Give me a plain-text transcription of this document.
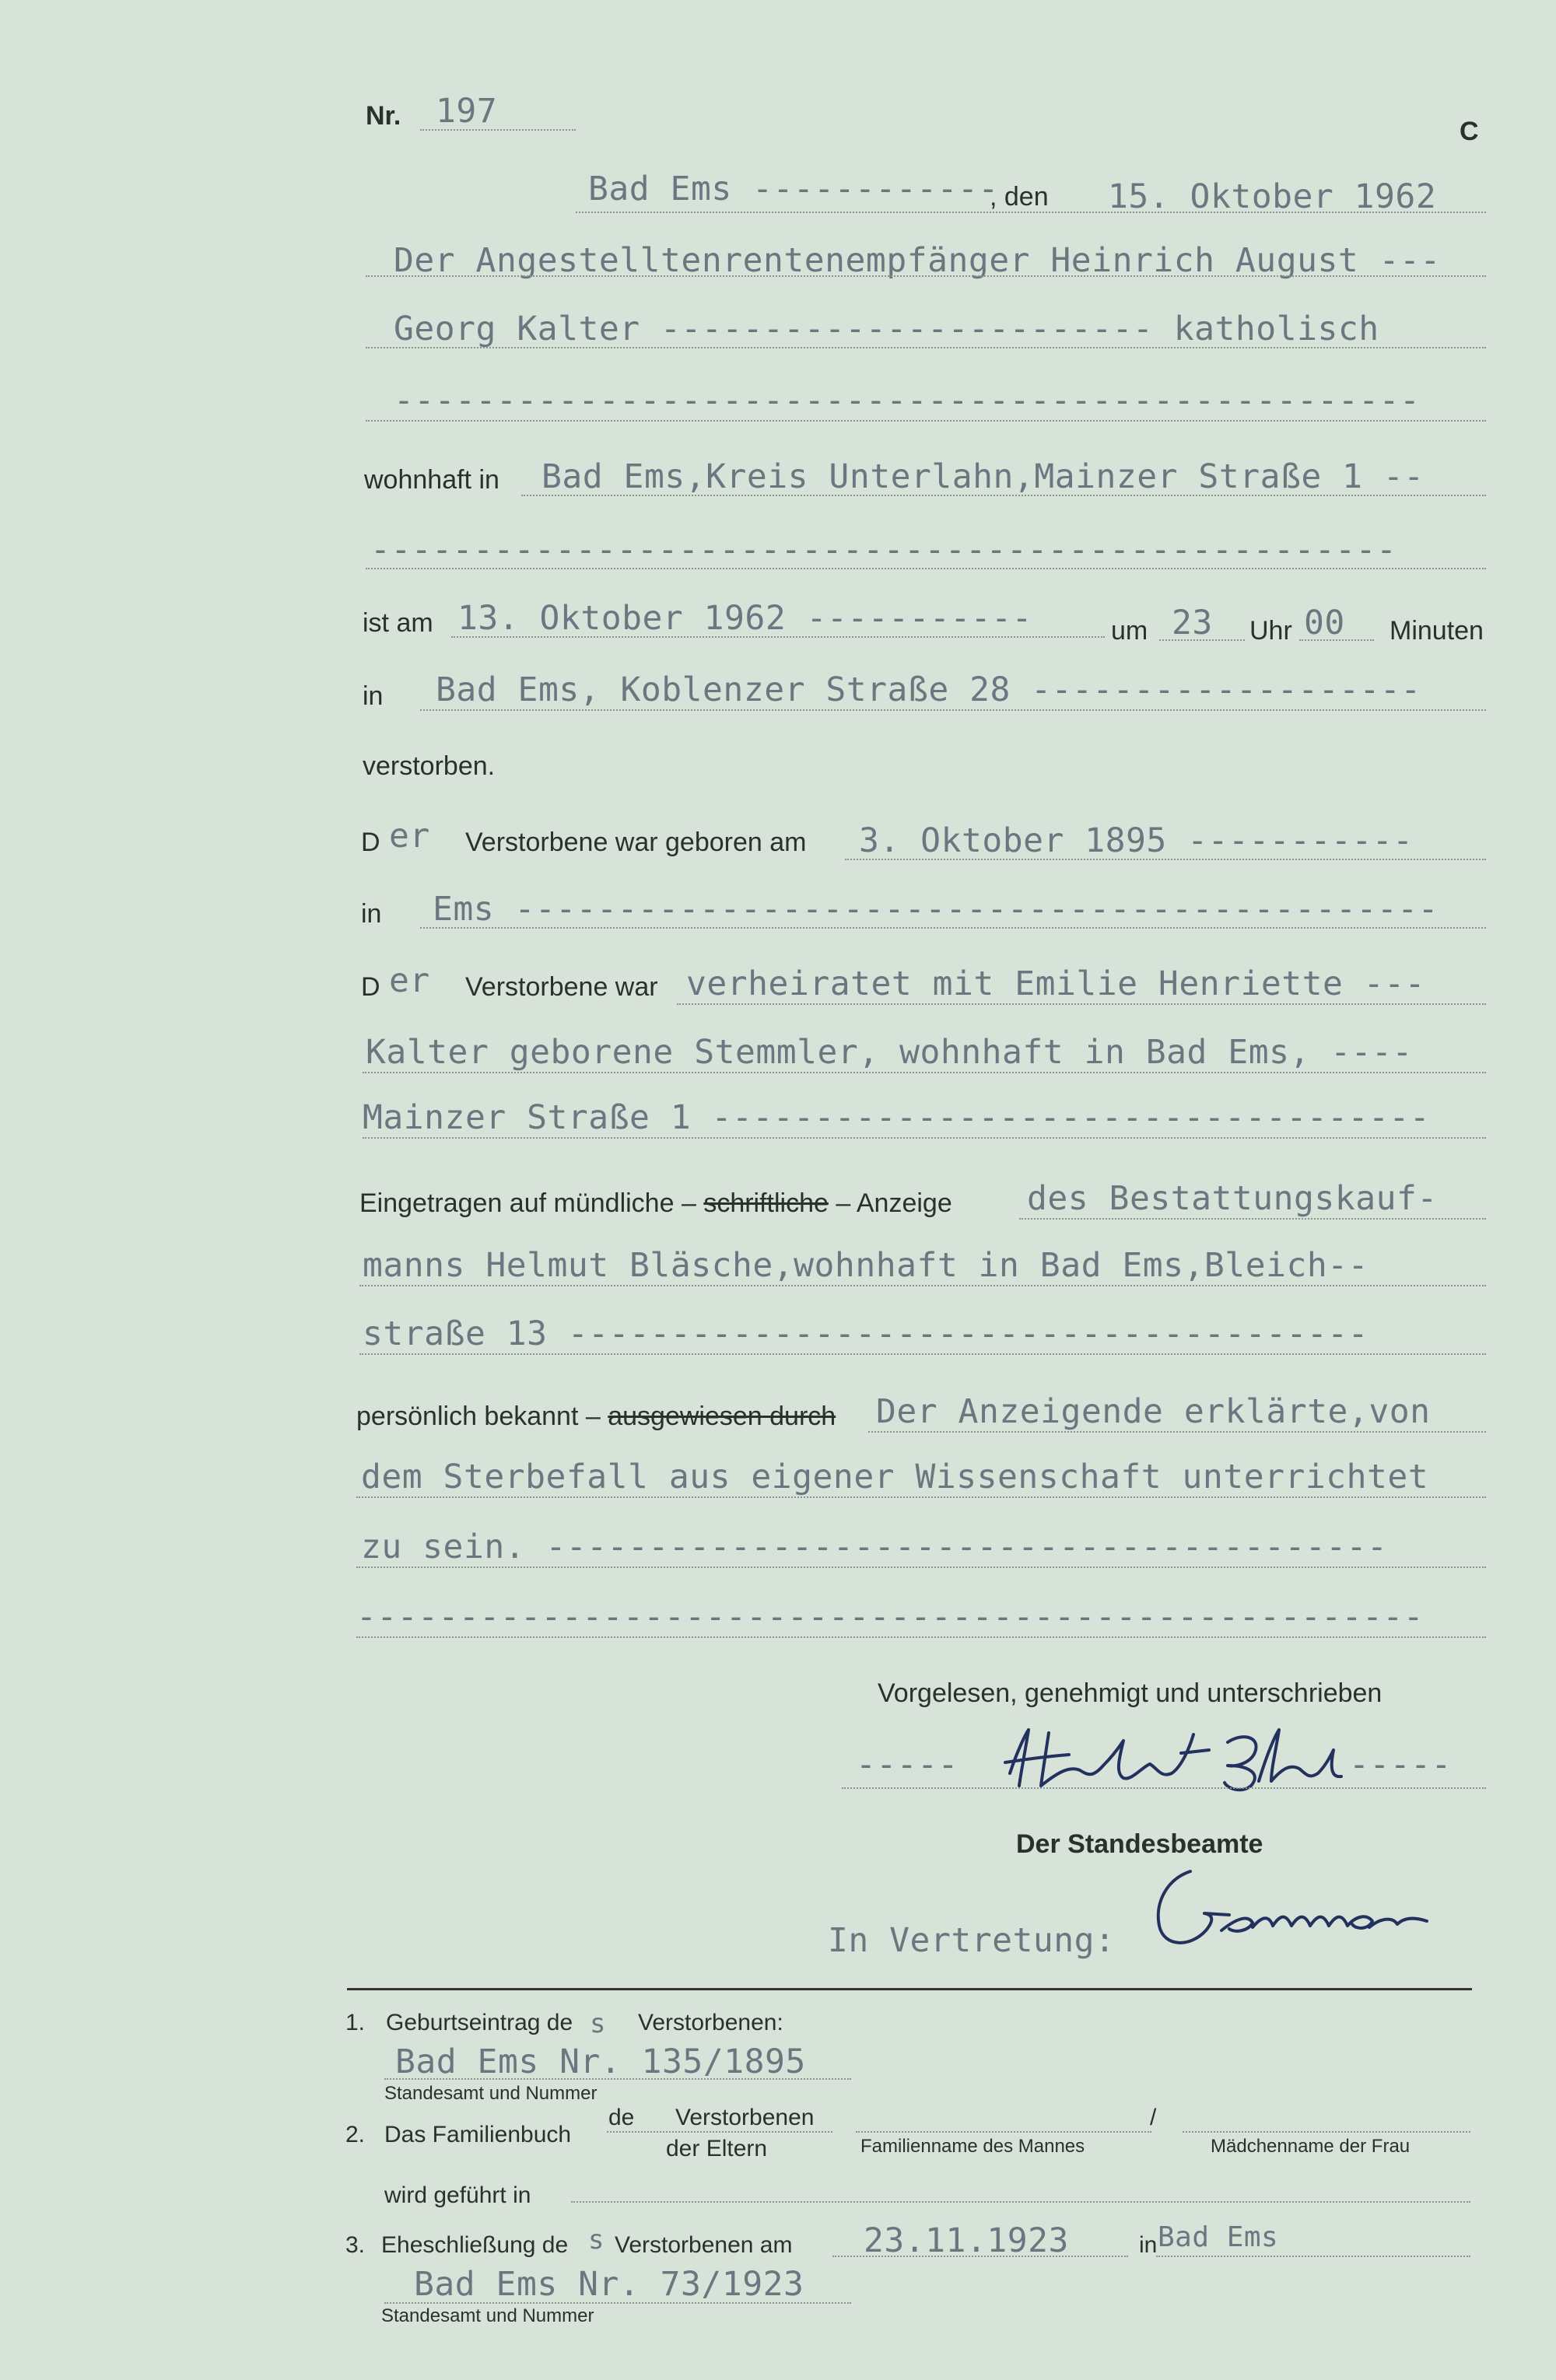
Nr. 197
C
Bad Ems ------------
, den 15. Oktober 1962
Der Angestelltenrentenempfänger Heinrich August ---
Georg Kalter ------------------------ katholisch
--------------------------------------------------
wohnhaft in Bad Ems,Kreis Unterlahn,Mainzer Straße 1 --
--------------------------------------------------
ist am 13. Oktober 1962 -----------	um 23 Uhr 00 Minuten
in Bad Ems, Koblenzer Straße 28 -------------------
verstorben.
D er Verstorbene war geboren am 3. Oktober 1895 -----------
in Ems ---------------------------------------------
D er Verstorbene war verheiratet mit Emilie Henriette ---
Kalter geborene Stemmler, wohnhaft in Bad Ems, ----
Mainzer Straße 1 -----------------------------------
Eingetragen auf mündliche – schriftliche – Anzeige des Bestattungskauf-
manns Helmut Bläsche,wohnhaft in Bad Ems,Bleich--
straße 13 ---------------------------------------
persönlich bekannt – ausgewiesen durch Der Anzeigende erklärte,von
dem Sterbefall aus eigener Wissenschaft unterrichtet
zu sein. -----------------------------------------
----------------------------------------------------
Vorgelesen, genehmigt und unterschrieben
-----	-----
Der Standesbeamte
In Vertretung:
1. Geburtseintrag de s Verstorbenen:
Bad Ems Nr. 135/1895
Standesamt und Nummer
2. Das Familienbuch
de Verstorbenen
der Eltern	Familienname des Mannes
/
Mädchenname der Frau
wird geführt in
3. Eheschließung de s Verstorbenen am 23.11.1923	in Bad Ems
Bad Ems Nr. 73/1923
Standesamt und Nummer
